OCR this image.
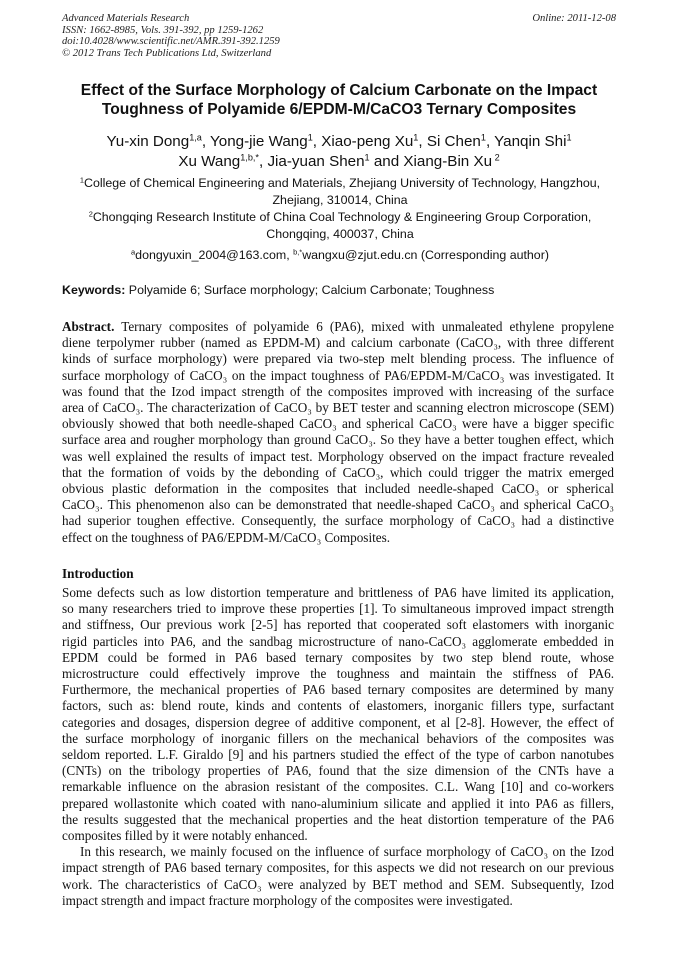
Advanced Materials Research
ISSN: 1662-8985, Vols. 391-392, pp 1259-1262
doi:10.4028/www.scientific.net/AMR.391-392.1259
© 2012 Trans Tech Publications Ltd, Switzerland
Online: 2011-12-08
Effect of the Surface Morphology of Calcium Carbonate on the Impact
Toughness of Polyamide 6/EPDM-M/CaCO3 Ternary Composites
Yu-xin Dong$^{1,a}$, Yong-jie Wang$^1$, Xiao-peng Xu$^1$, Si Chen$^1$, Yanqin Shi$^1$
Xu Wang$^{1,b,*}$, Jia-yuan Shen$^1$ and Xiang-Bin Xu $^2$
$^1$College of Chemical Engineering and Materials, Zhejiang University of Technology, Hangzhou,
Zhejiang, 310014, China
$^2$Chongqing Research Institute of China Coal Technology & Engineering Group Corporation,
Chongqing, 400037, China
$^a$dongyuxin_2004@163.com, $^{b,*}$wangxu@zjut.edu.cn (Corresponding author)
Keywords: Polyamide 6; Surface morphology; Calcium Carbonate; Toughness
Abstract. Ternary composites of polyamide 6 (PA6), mixed with unmaleated ethylene propylene
diene terpolymer rubber (named as EPDM-M) and calcium carbonate (CaCO₃, with three different
kinds of surface morphology) were prepared via two-step melt blending process. The influence of
surface morphology of CaCO₃ on the impact toughness of PA6/EPDM-M/CaCO₃ was investigated. It
was found that the Izod impact strength of the composites improved with increasing of the surface
area of CaCO₃. The characterization of CaCO₃ by BET tester and scanning electron microscope (SEM)
obviously showed that both needle-shaped CaCO₃ and spherical CaCO₃ were have a bigger specific
surface area and rougher morphology than ground CaCO₃. So they have a better toughen effect, which
was well explained the results of impact test. Morphology observed on the impact fracture revealed
that the formation of voids by the debonding of CaCO₃, which could trigger the matrix emerged
obvious plastic deformation in the composites that included needle-shaped CaCO₃ or spherical
CaCO₃. This phenomenon also can be demonstrated that needle-shaped CaCO₃ and spherical CaCO₃
had superior toughen effective. Consequently, the surface morphology of CaCO₃ had a distinctive
effect on the toughness of PA6/EPDM-M/CaCO₃ Composites.
Introduction
Some defects such as low distortion temperature and brittleness of PA6 have limited its application,
so many researchers tried to improve these properties [1]. To simultaneous improved impact strength
and stiffness, Our previous work [2-5] has reported that cooperated soft elastomers with inorganic
rigid particles into PA6, and the sandbag microstructure of nano-CaCO₃ agglomerate embedded in
EPDM could be formed in PA6 based ternary composites by two step blend route, whose
microstructure could effectively improve the toughness and maintain the stiffness of PA6.
Furthermore, the mechanical properties of PA6 based ternary composites are determined by many
factors, such as: blend route, kinds and contents of elastomers, inorganic fillers type, surfactant
categories and dosages, dispersion degree of additive component, et al [2-8]. However, the effect of
the surface morphology of inorganic fillers on the mechanical behaviors of the composites was
seldom reported. L.F. Giraldo [9] and his partners studied the effect of the type of carbon nanotubes
(CNTs) on the tribology properties of PA6, found that the size dimension of the CNTs have a
remarkable influence on the abrasion resistant of the composites. C.L. Wang [10] and co-workers
prepared wollastonite which coated with nano-aluminium silicate and applied it into PA6 as fillers,
the results suggested that the mechanical properties and the heat distortion temperature of the PA6
composites filled by it were notably enhanced.
In this research, we mainly focused on the influence of surface morphology of CaCO₃ on the Izod
impact strength of PA6 based ternary composites, for this aspects we did not research on our previous
work. The characteristics of CaCO₃ were analyzed by BET method and SEM. Subsequently, Izod
impact strength and impact fracture morphology of the composites were investigated.
